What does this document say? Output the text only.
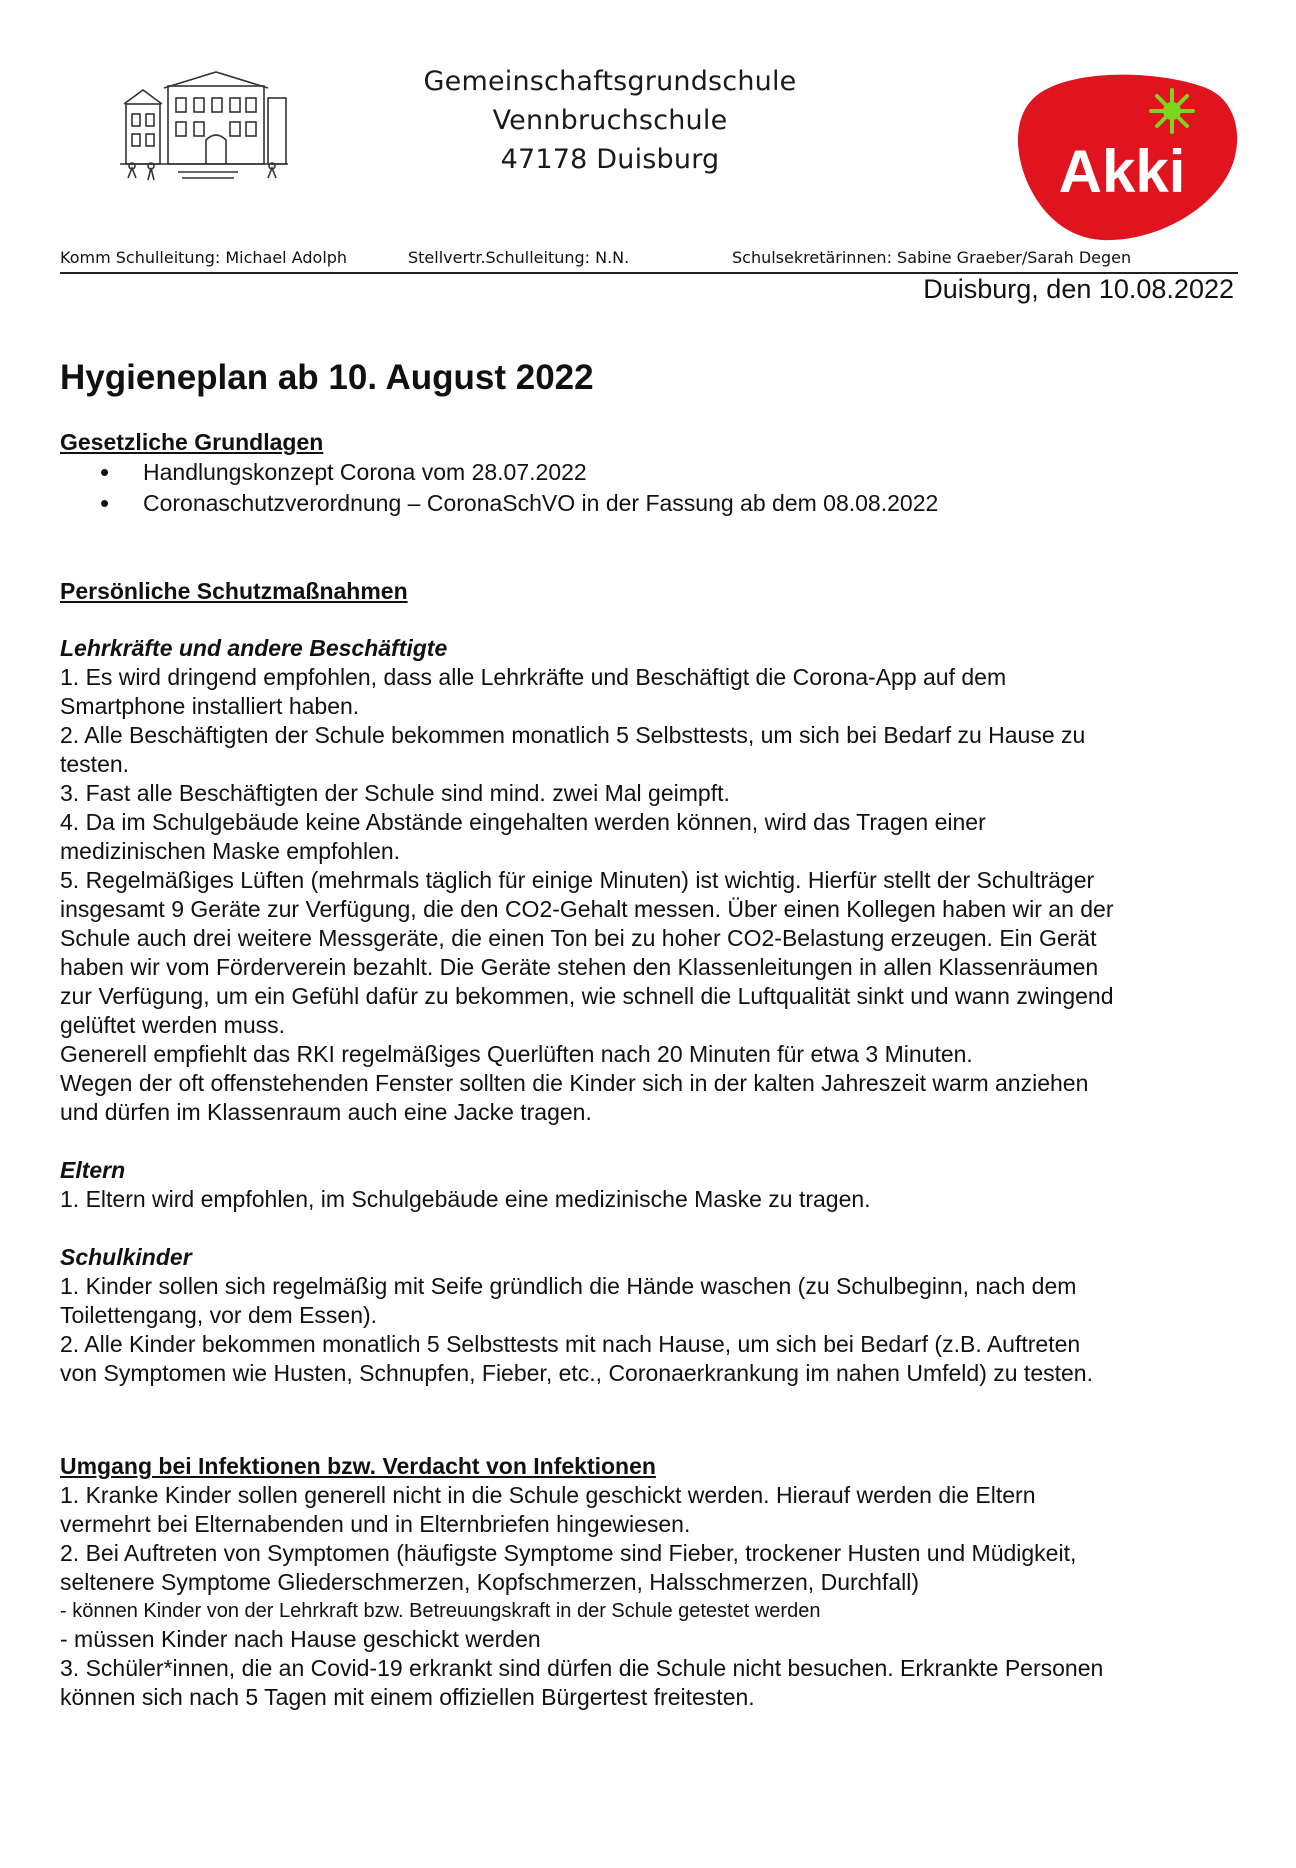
Gemeinschaftsgrundschule
Vennbruchschule
47178 Duisburg	Akki
Komm Schulleitung: Michael Adolph	Stellvertr.Schulleitung: N.N.	Schulsekretärinnen: Sabine Graeber/Sarah Degen
Duisburg, den 10.08.2022
Hygieneplan ab 10. August 2022
Gesetzliche Grundlagen
• Handlungskonzept Corona vom 28.07.2022
• Coronaschutzverordnung – CoronaSchVO in der Fassung ab dem 08.08.2022
Persönliche Schutzmaßnahmen
Lehrkräfte und andere Beschäftigte

1. Es wird dringend empfohlen, dass alle Lehrkräfte und Beschäftigt die Corona-App auf dem

Smartphone installiert haben.

2. Alle Beschäftigten der Schule bekommen monatlich 5 Selbsttests, um sich bei Bedarf zu Hause zu

testen.

3. Fast alle Beschäftigten der Schule sind mind. zwei Mal geimpft.

4. Da im Schulgebäude keine Abstände eingehalten werden können, wird das Tragen einer

medizinischen Maske empfohlen.

5. Regelmäßiges Lüften (mehrmals täglich für einige Minuten) ist wichtig. Hierfür stellt der Schulträger

insgesamt 9 Geräte zur Verfügung, die den CO2-Gehalt messen. Über einen Kollegen haben wir an der

Schule auch drei weitere Messgeräte, die einen Ton bei zu hoher CO2-Belastung erzeugen. Ein Gerät

haben wir vom Förderverein bezahlt. Die Geräte stehen den Klassenleitungen in allen Klassenräumen

zur Verfügung, um ein Gefühl dafür zu bekommen, wie schnell die Luftqualität sinkt und wann zwingend

gelüftet werden muss.

Generell empfiehlt das RKI regelmäßiges Querlüften nach 20 Minuten für etwa 3 Minuten.

Wegen der oft offenstehenden Fenster sollten die Kinder sich in der kalten Jahreszeit warm anziehen

und dürfen im Klassenraum auch eine Jacke tragen.

Eltern

1. Eltern wird empfohlen, im Schulgebäude eine medizinische Maske zu tragen.

Schulkinder

1. Kinder sollen sich regelmäßig mit Seife gründlich die Hände waschen (zu Schulbeginn, nach dem

Toilettengang, vor dem Essen).

2. Alle Kinder bekommen monatlich 5 Selbsttests mit nach Hause, um sich bei Bedarf (z.B. Auftreten

von Symptomen wie Husten, Schnupfen, Fieber, etc., Coronaerkrankung im nahen Umfeld) zu testen.

Umgang bei Infektionen bzw. Verdacht von Infektionen

1. Kranke Kinder sollen generell nicht in die Schule geschickt werden. Hierauf werden die Eltern

vermehrt bei Elternabenden und in Elternbriefen hingewiesen.

2. Bei Auftreten von Symptomen (häufigste Symptome sind Fieber, trockener Husten und Müdigkeit,

seltenere Symptome Gliederschmerzen, Kopfschmerzen, Halsschmerzen, Durchfall)

- können Kinder von der Lehrkraft bzw. Betreuungskraft in der Schule getestet werden

- müssen Kinder nach Hause geschickt werden

3. Schüler*innen, die an Covid-19 erkrankt sind dürfen die Schule nicht besuchen. Erkrankte Personen

können sich nach 5 Tagen mit einem offiziellen Bürgertest freitesten.
